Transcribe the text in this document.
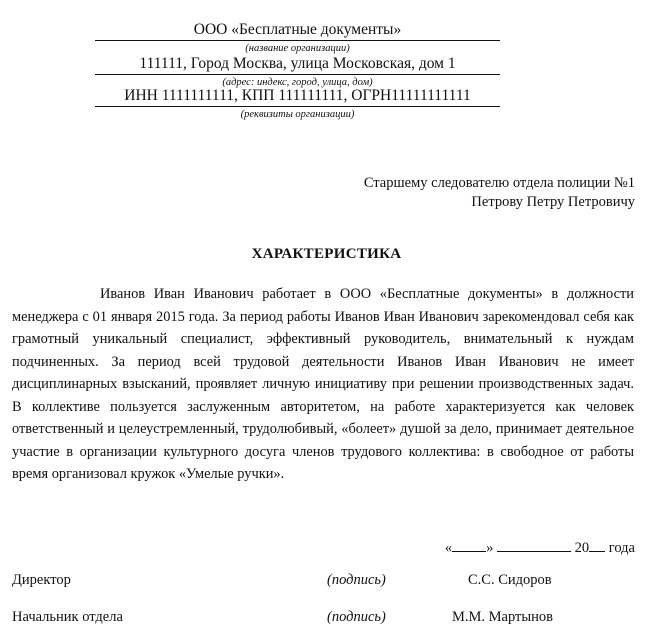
ООО «Бесплатные документы»
(название организации)
111111, Город Москва, улица Московская, дом 1
(адрес: индекс, город, улица, дом)
ИНН 1111111111, КПП 111111111, ОГРН11111111111
(реквизиты организации)
Старшему следователю отдела полиции №1
Петрову Петру Петровичу
ХАРАКТЕРИСТИКА
Иванов Иван Иванович работает в ООО «Бесплатные документы» в должности менеджера с 01 января 2015 года. За период работы Иванов Иван Иванович зарекомендовал себя как грамотный уникальный специалист, эффективный руководитель, внимательный к нуждам подчиненных. За период всей трудовой деятельности Иванов Иван Иванович не имеет дисциплинарных взысканий, проявляет личную инициативу при решении производственных задач. В коллективе пользуется заслуженным авторитетом, на работе характеризуется как человек ответственный и целеустремленный, трудолюбивый, «болеет» душой за дело, принимает деятельное участие в организации культурного досуга членов трудового коллектива: в свободное от работы время организовал кружок «Умелые ручки».
« »	20 года
Директор	(подпись)	С.С. Сидоров
Начальник отдела	(подпись)	М.М. Мартынов
